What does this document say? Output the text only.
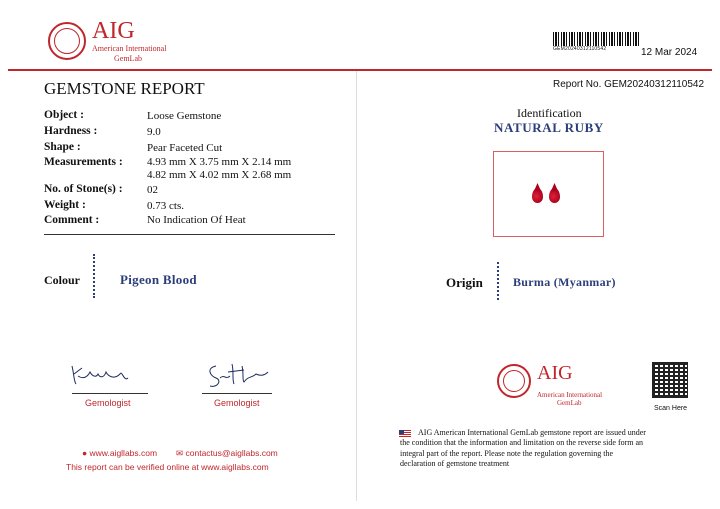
AIG
American International
GemLab
GEM20240312110542	12 Mar 2024
GEMSTONE REPORT	Report No. GEM20240312110542
Object :	Loose Gemstone
Hardness :	9.0
Shape :	Pear Faceted Cut
Measurements : 4.93 mm X 3.75 mm X 2.14 mm
4.82 mm X 4.02 mm X 2.68 mm
No. of Stone(s) : 02
Weight :	0.73 cts.
Comment :	No Indication Of Heat
Colour	Pigeon Blood
Identification
NATURAL RUBY
Origin	Burma (Myanmar)
Gemologist	Gemologist
AIG
American International
GemLab
Scan Here
● www.aigllabs.com ✉ contactus@aigllabs.com
This report can be verified online at www.aigllabs.com
AIG American International GemLab gemstone report are issued under
the condition that the information and limitation on the reverse side form an
integral part of the report. Please note the regulation governing the
declaration of gemstone treatment
